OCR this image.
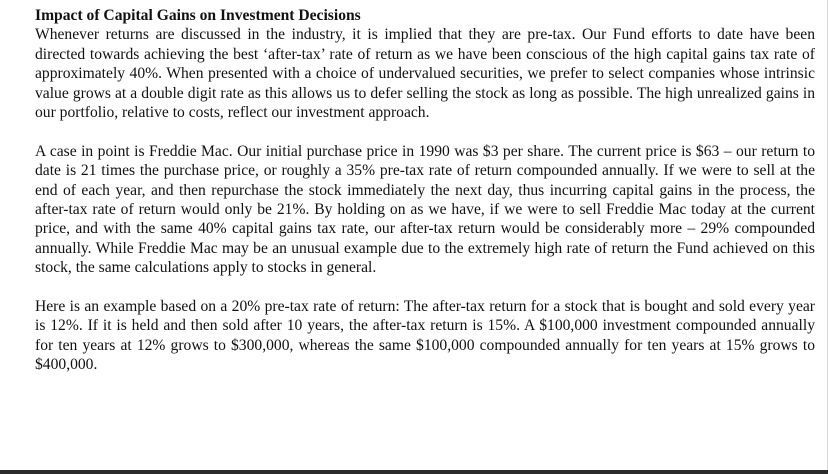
Impact of Capital Gains on Investment Decisions

Whenever returns are discussed in the industry, it is implied that they are pre-tax. Our Fund efforts to date have been directed towards achieving the best ‘after-tax’ rate of return as we have been conscious of the high capital gains tax rate of approximately 40%. When presented with a choice of undervalued securities, we prefer to select companies whose intrinsic value grows at a double digit rate as this allows us to defer selling the stock as long as possible. The high unrealized gains in our portfolio, relative to costs, reflect our investment approach.

A case in point is Freddie Mac. Our initial purchase price in 1990 was $3 per share. The current price is $63 – our return to date is 21 times the purchase price, or roughly a 35% pre-tax rate of return compounded annually. If we were to sell at the end of each year, and then repurchase the stock immediately the next day, thus incurring capital gains in the process, the after-tax rate of return would only be 21%. By holding on as we have, if we were to sell Freddie Mac today at the current price, and with the same 40% capital gains tax rate, our after-tax return would be considerably more – 29% compounded annually. While Freddie Mac may be an unusual example due to the extremely high rate of return the Fund achieved on this stock, the same calculations apply to stocks in general.

Here is an example based on a 20% pre-tax rate of return: The after-tax return for a stock that is bought and sold every year is 12%. If it is held and then sold after 10 years, the after-tax return is 15%. A $100,000 investment compounded annually for ten years at 12% grows to $300,000, whereas the same $100,000 compounded annually for ten years at 15% grows to $400,000.
